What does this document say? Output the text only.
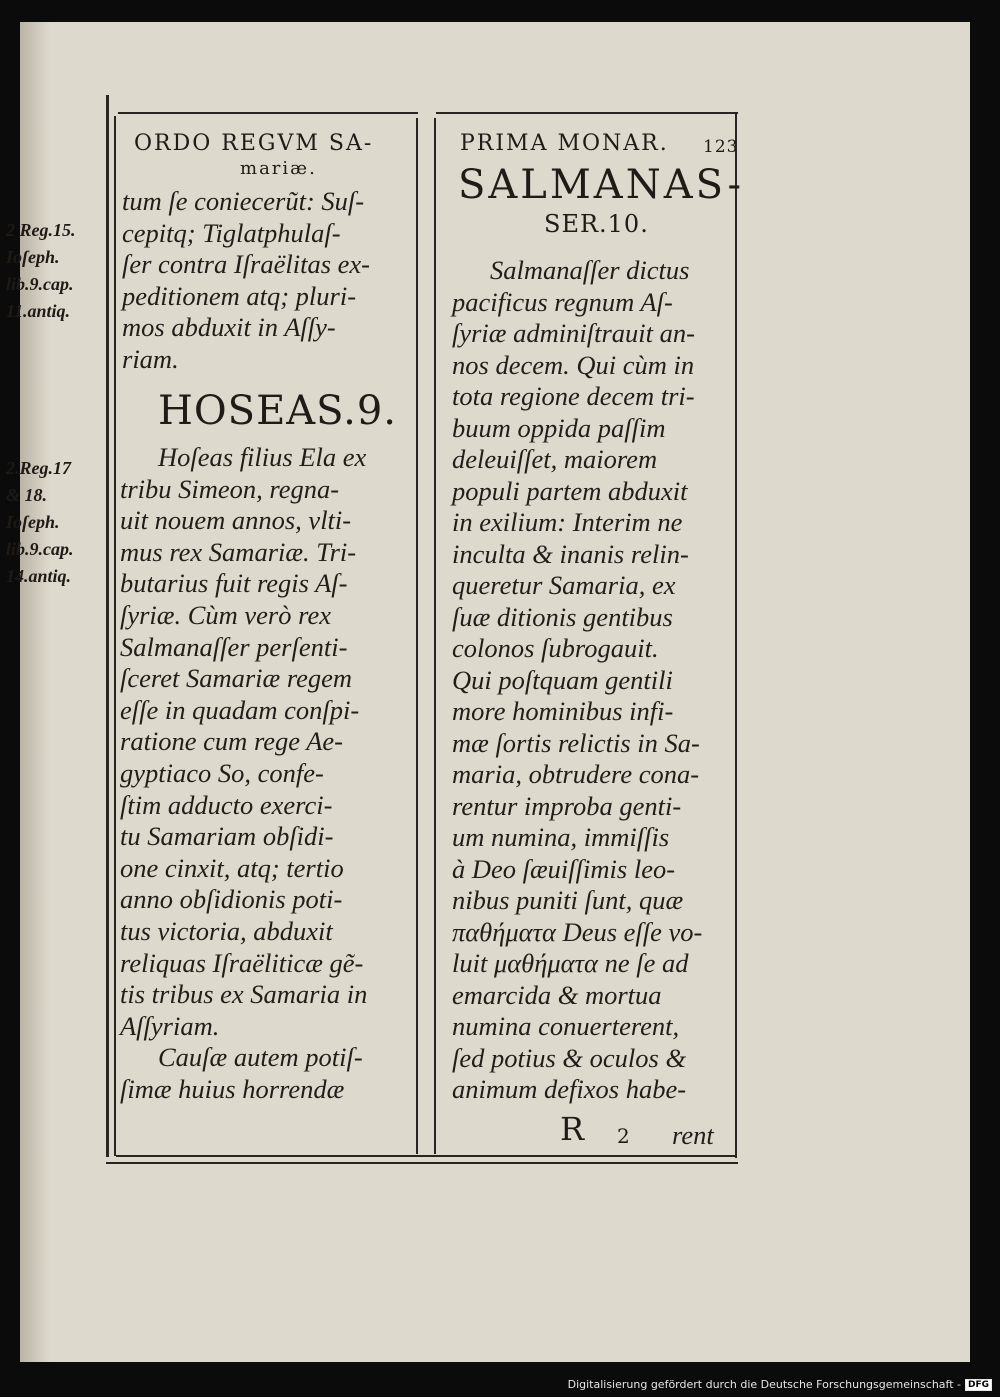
ORDO REGVM SA-
mariæ.
tum ſe coniecerũt: Suſ-
cepitq; Tiglatphulaſ-
ſer contra Iſraëlitas ex-
peditionem atq; pluri-
mos abduxit in Aſſy-
riam.
HOSEAS.9.
Hoſeas filius Ela ex
tribu Simeon, regna-
uit nouem annos, vlti-
mus rex Samariæ. Tri-
butarius fuit regis Aſ-
ſyriæ. Cùm verò rex
Salmanaſſer perſenti-
ſceret Samariæ regem
eſſe in quadam conſpi-
ratione cum rege Ae-
gyptiaco So, confe-
ſtim adducto exerci-
tu Samariam obſidi-
one cinxit, atq; tertio
anno obſidionis poti-
tus victoria, abduxit
reliquas Iſraëliticæ gẽ-
tis tribus ex Samaria in
Aſſyriam.
Cauſæ autem potiſ-
ſimæ huius horrendæ
PRIMA MONAR. 123
SALMANAS-
SER.10.
Salmanaſſer dictus
pacificus regnum Aſ-
ſyriæ adminiſtrauit an-
nos decem. Qui cùm in
tota regione decem tri-
buum oppida paſſim
deleuiſſet, maiorem
populi partem abduxit
in exilium: Interim ne
inculta & inanis relin-
queretur Samaria, ex
ſuæ ditionis gentibus
colonos ſubrogauit.
Qui poſtquam gentili
more hominibus infi-
mæ ſortis relictis in Sa-
maria, obtrudere cona-
rentur improba genti-
um numina, immiſſis
à Deo ſæuiſſimis leo-
nibus puniti ſunt, quæ
παθήματα Deus eſſe vo-
luit μαθήματα ne ſe ad
emarcida & mortua
numina conuerterent,
ſed potius & oculos &
animum defixos habe-
R 2 rent
2 Reg.15.
Ioſeph.
lib.9.cap.
11.antiq.
2.Reg.17
& 18.
Ioſeph.
lib.9.cap.
14.antiq.
Digitalisierung gefördert durch die Deutsche Forschungsgemeinschaft - DFG
